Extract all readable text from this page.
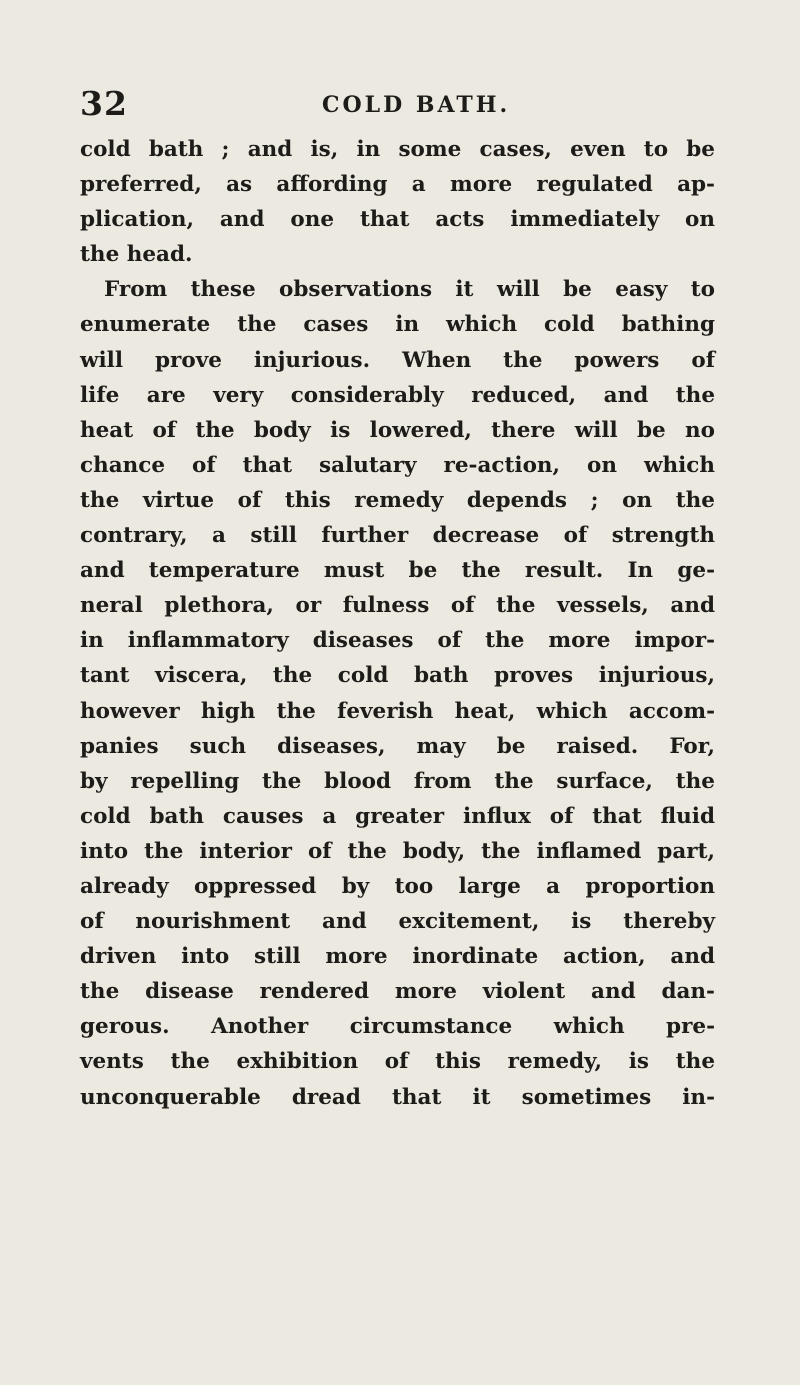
32	COLD BATH.
cold bath ; and is, in some cases, even to be
preferred, as affording a more regulated ap-
plication, and one that acts immediately on
the head.
From these observations it will be easy to
enumerate the cases in which cold bathing
will prove injurious. When the powers of
life are very considerably reduced, and the
heat of the body is lowered, there will be no
chance of that salutary re-action, on which
the virtue of this remedy depends ; on the
contrary, a still further decrease of strength
and temperature must be the result. In ge-
neral plethora, or fulness of the vessels, and
in inflammatory diseases of the more impor-
tant viscera, the cold bath proves injurious,
however high the feverish heat, which accom-
panies such diseases, may be raised. For,
by repelling the blood from the surface, the
cold bath causes a greater influx of that fluid
into the interior of the body, the inflamed part,
already oppressed by too large a proportion
of nourishment and excitement, is thereby
driven into still more inordinate action, and
the disease rendered more violent and dan-
gerous. Another circumstance which pre-
vents the exhibition of this remedy, is the
unconquerable dread that it sometimes in-
